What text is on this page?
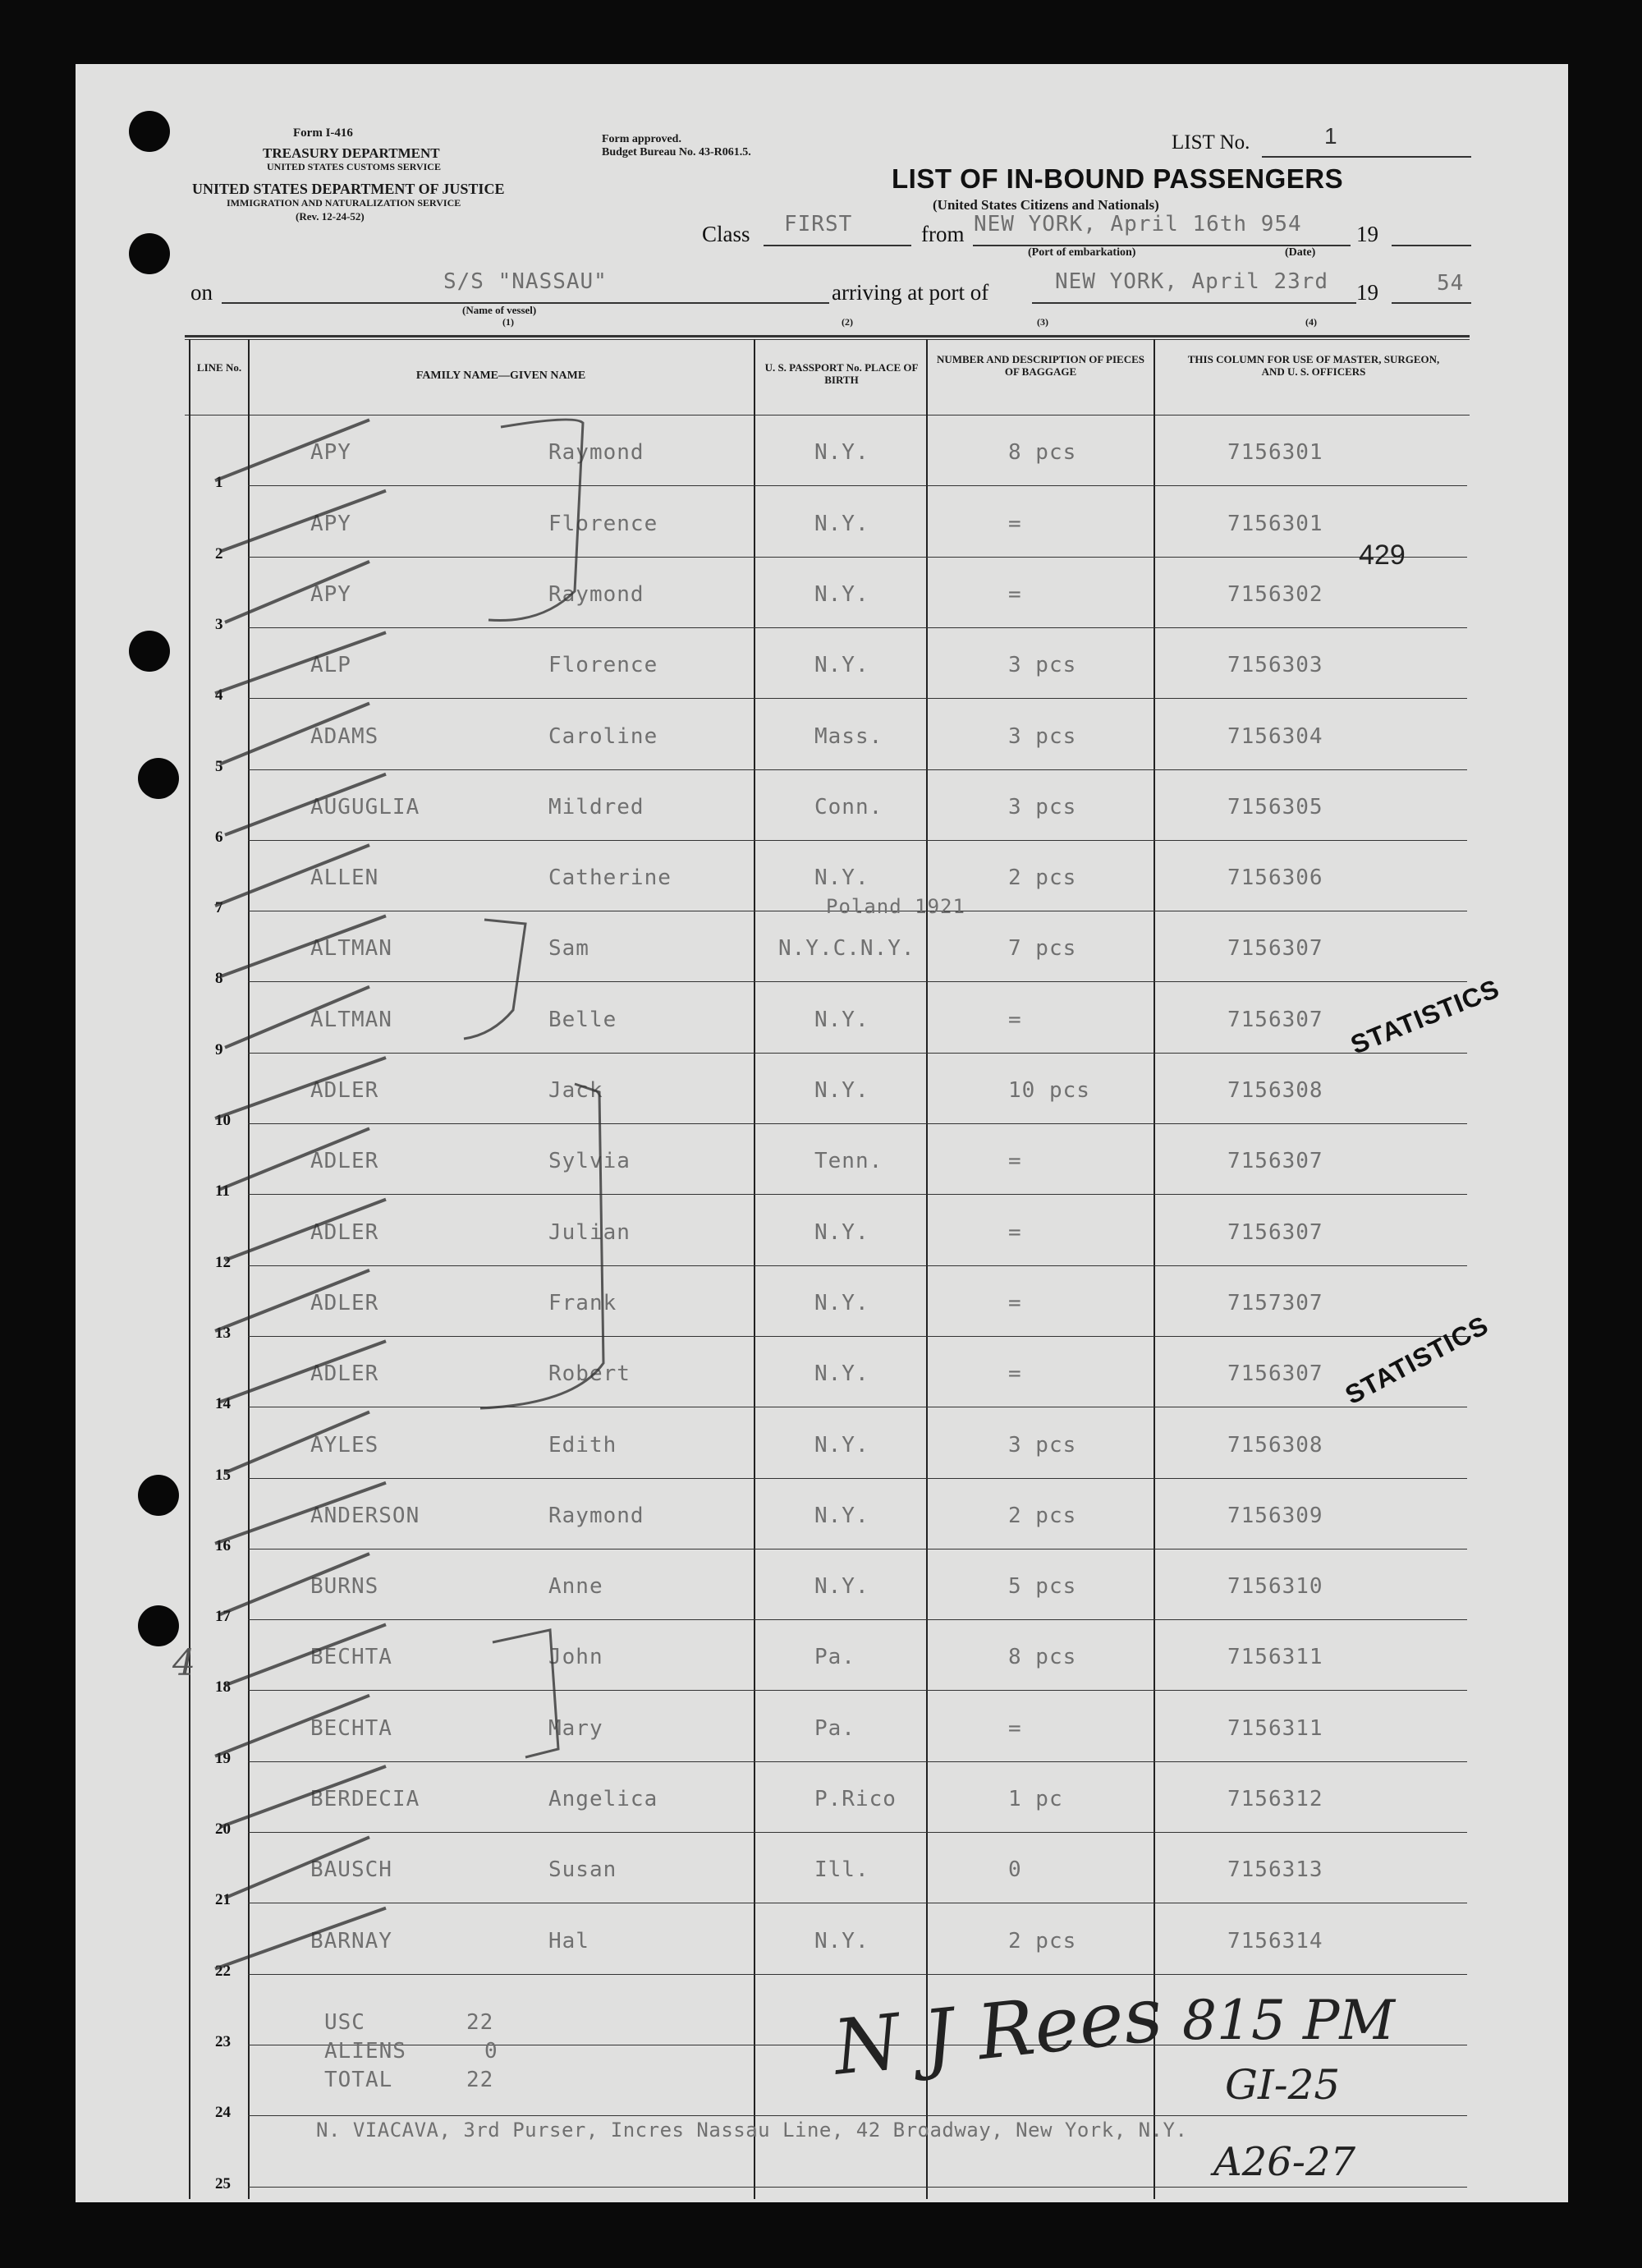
Form I-416
TREASURY DEPARTMENT
UNITED STATES CUSTOMS SERVICE
UNITED STATES DEPARTMENT OF JUSTICE
IMMIGRATION AND NATURALIZATION SERVICE
(Rev. 12-24-52)
Form approved.
Budget Bureau No. 43-R061.5.	LIST No.	1
LIST OF IN-BOUND PASSENGERS
(United States Citizens and Nationals)
Class FIRST	from NEW YORK, April 16th 954 19
(Port of embarkation)	(Date)
on	S/S "NASSAU"	arriving at port of	NEW YORK, April 23rd 19	54
(Name of vessel)
(1)	(2)	(3)	(4)
LINE No.
FAMILY NAME—GIVEN NAME
U. S. PASSPORT No. PLACE OF BIRTH
NUMBER AND DESCRIPTION OF PIECES OF BAGGAGE
THIS COLUMN FOR USE OF MASTER, SURGEON, AND U. S. OFFICERS
1
APY	Raymond	N.Y.	8 pcs	7156301
2
APY	Florence	N.Y.	=	7156301
3
APY	Raymond	N.Y.	=	7156302
4
ALP	Florence	N.Y.	3 pcs	7156303
5
ADAMS	Caroline	Mass.	3 pcs	7156304
6
AUGUGLIA	Mildred	Conn.	3 pcs	7156305
7
ALLEN	Catherine	N.Y.	2 pcs	7156306
8
ALTMAN	Sam	N.Y.C.N.Y.	7 pcs	7156307
9
ALTMAN	Belle	N.Y.	=	7156307
10
ADLER	Jack	N.Y.	10 pcs	7156308
11
ADLER	Sylvia	Tenn.	=	7156307
12
ADLER	Julian	N.Y.	=	7156307
13
ADLER	Frank	N.Y.	=	7157307
14
ADLER	Robert	N.Y.	=	7156307
15
AYLES	Edith	N.Y.	3 pcs	7156308
16
ANDERSON	Raymond	N.Y.	2 pcs	7156309
17
BURNS	Anne	N.Y.	5 pcs	7156310
18
BECHTA	John	Pa.	8 pcs	7156311
19
BECHTA	Mary	Pa.	=	7156311
20
BERDECIA	Angelica	P.Rico	1 pc	7156312
21
BAUSCH	Susan	Ill.	0	7156313
22
BARNAY	Hal	N.Y.	2 pcs	7156314
23
24
25
Poland 1921
429
STATISTICS
STATISTICS
USC	22
ALIENS	0
TOTAL	22
N. VIACAVA, 3rd Purser, Incres Nassau Line, 42 Broadway, New York, N.Y.
N J Rees 815 PM
GI-25
A26-27
4
